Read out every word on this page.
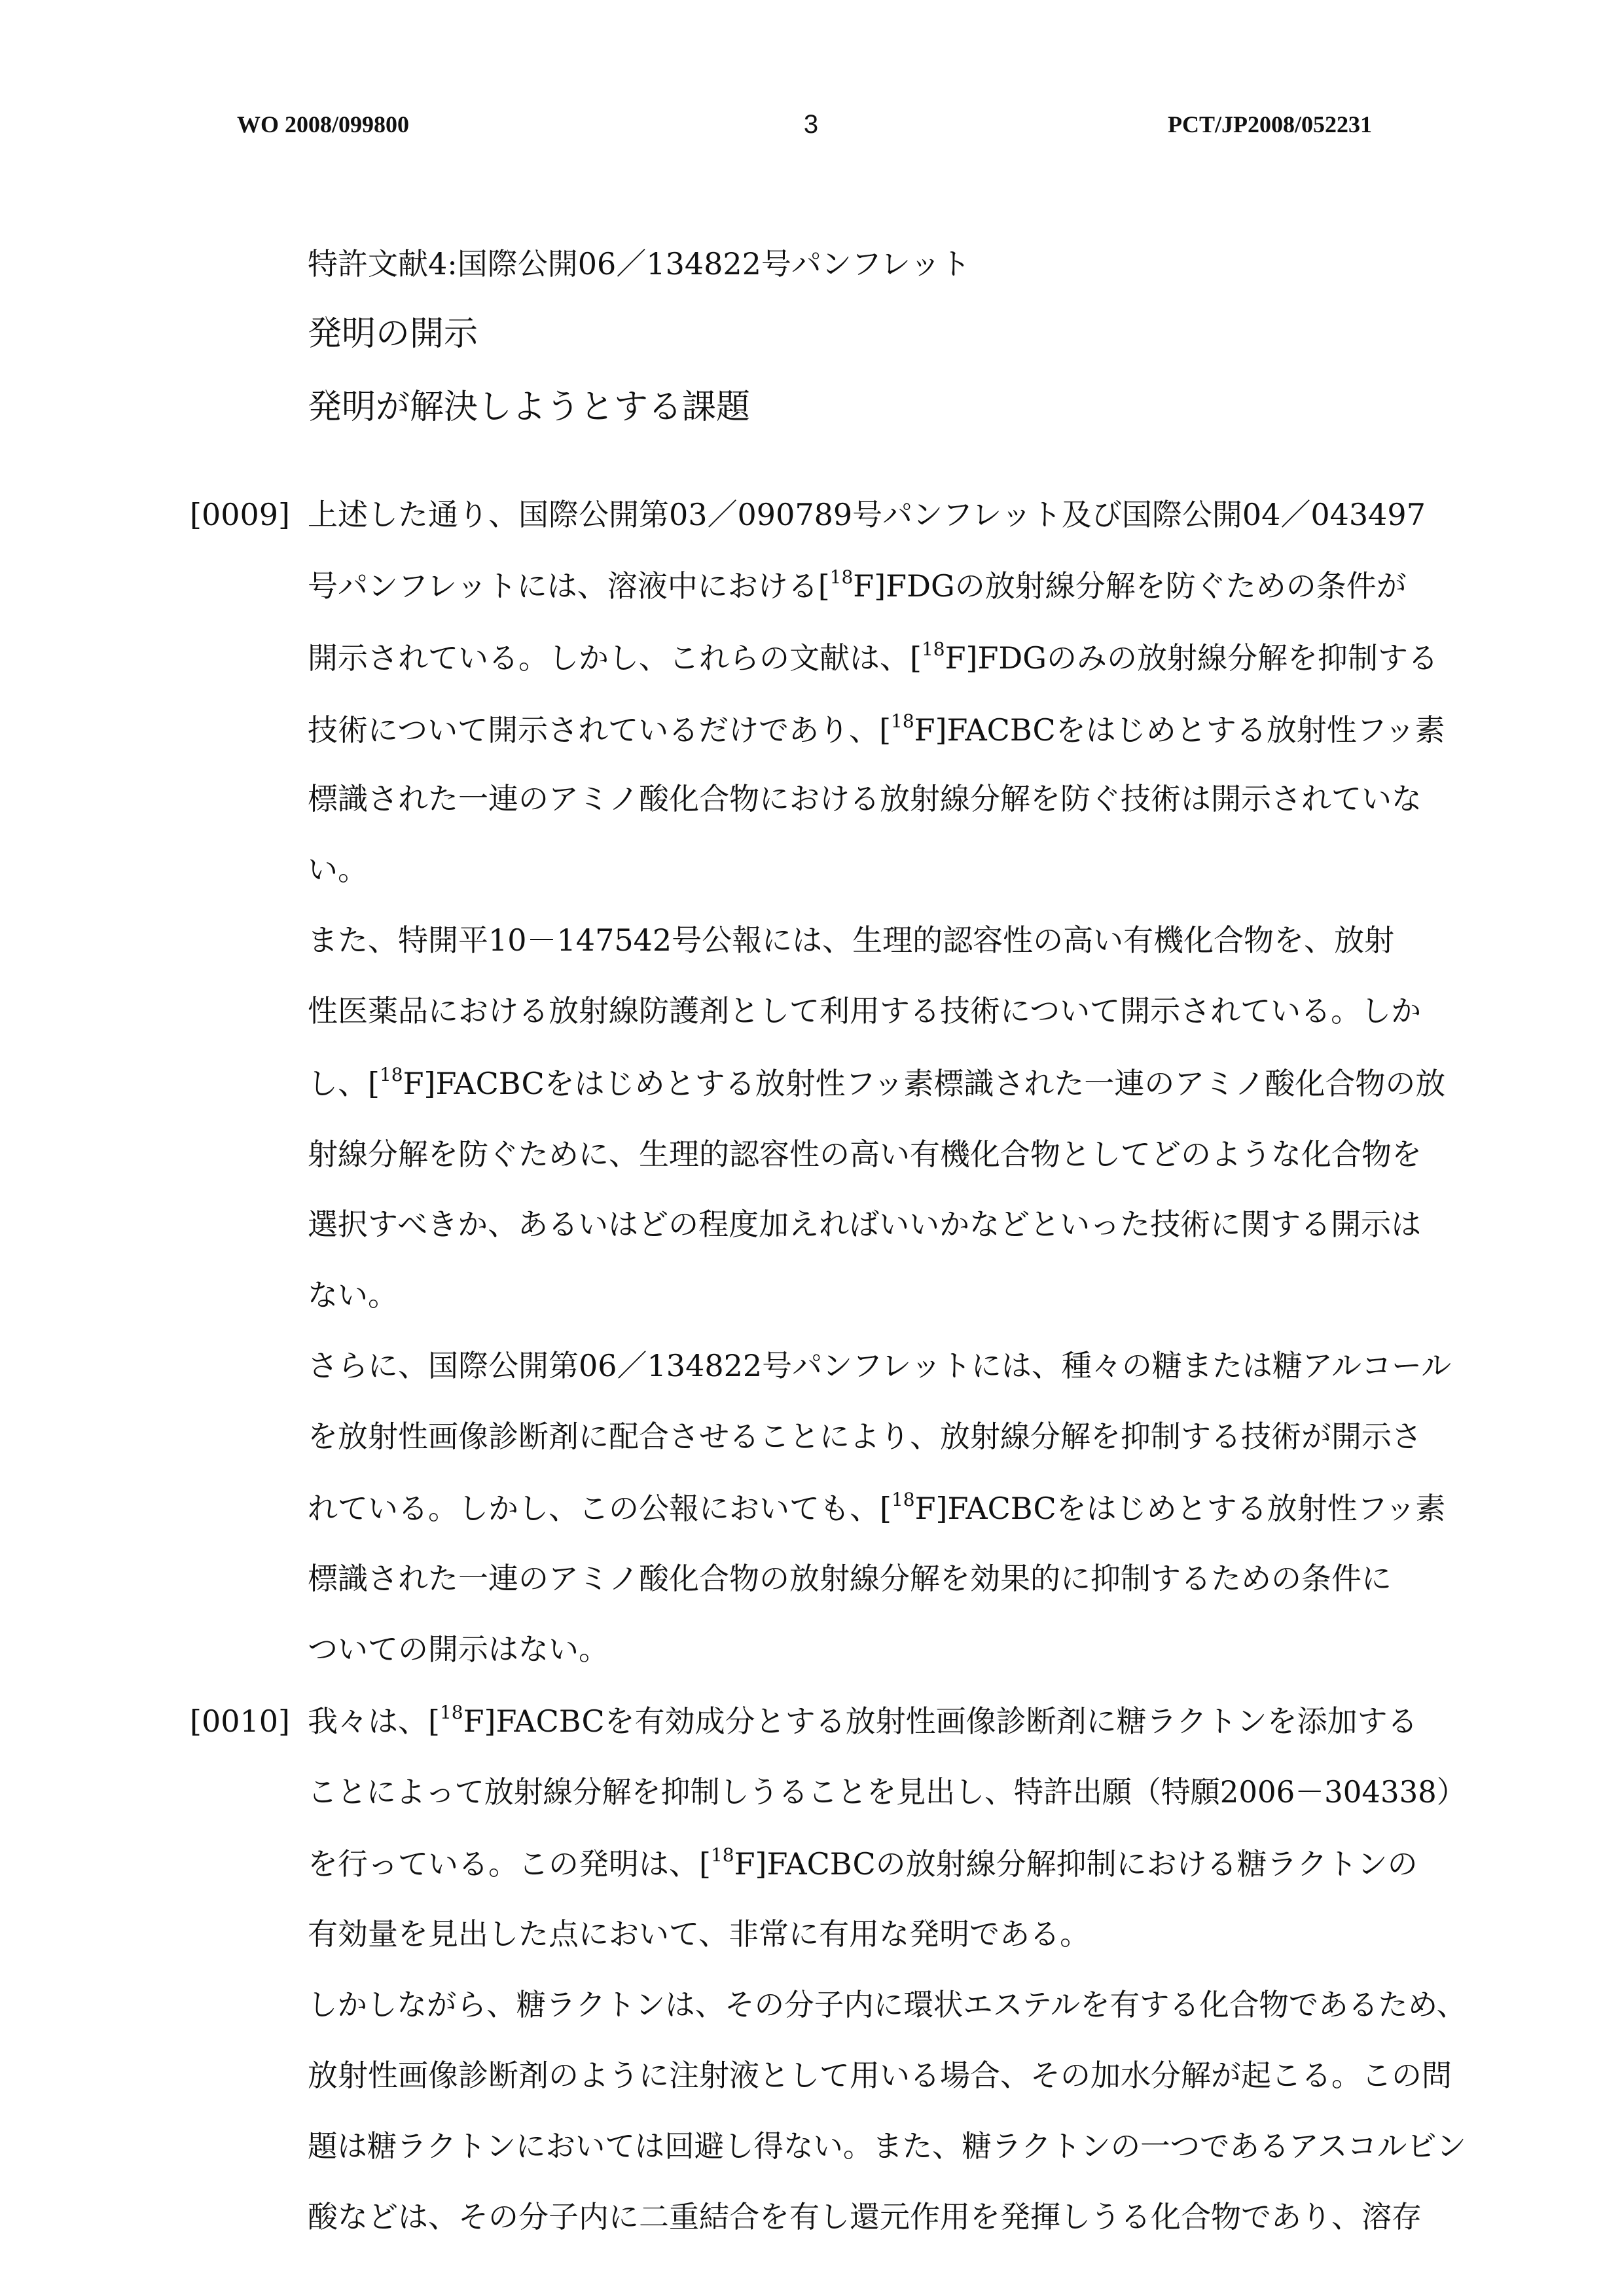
WO 2008/099800	3	PCT/JP2008/052231
特許文献4:国際公開06／134822号パンフレット
発明の開示
発明が解決しようとする課題
[0009] 上述した通り、国際公開第03／090789号パンフレット及び国際公開04／043497
号パンフレットには、溶液中における[$^{18}$F]FDGの放射線分解を防ぐための条件が
開示されている。しかし、これらの文献は、[$^{18}$F]FDGのみの放射線分解を抑制する
技術について開示されているだけであり、[$^{18}$F]FACBCをはじめとする放射性フッ素
標識された一連のアミノ酸化合物における放射線分解を防ぐ技術は開示されていな
い。
また、特開平10－147542号公報には、生理的認容性の高い有機化合物を、放射
性医薬品における放射線防護剤として利用する技術について開示されている。しか
し、[$^{18}$F]FACBCをはじめとする放射性フッ素標識された一連のアミノ酸化合物の放
射線分解を防ぐために、生理的認容性の高い有機化合物としてどのような化合物を
選択すべきか、あるいはどの程度加えればいいかなどといった技術に関する開示は
ない。
さらに、国際公開第06／134822号パンフレットには、種々の糖または糖アルコール
を放射性画像診断剤に配合させることにより、放射線分解を抑制する技術が開示さ
れている。しかし、この公報においても、[$^{18}$F]FACBCをはじめとする放射性フッ素
標識された一連のアミノ酸化合物の放射線分解を効果的に抑制するための条件に
ついての開示はない。
[0010] 我々は、[$^{18}$F]FACBCを有効成分とする放射性画像診断剤に糖ラクトンを添加する
ことによって放射線分解を抑制しうることを見出し、特許出願（特願2006－304338）
を行っている。この発明は、[$^{18}$F]FACBCの放射線分解抑制における糖ラクトンの
有効量を見出した点において、非常に有用な発明である。
しかしながら、糖ラクトンは、その分子内に環状エステルを有する化合物であるため、
放射性画像診断剤のように注射液として用いる場合、その加水分解が起こる。この問
題は糖ラクトンにおいては回避し得ない。また、糖ラクトンの一つであるアスコルビン
酸などは、その分子内に二重結合を有し還元作用を発揮しうる化合物であり、溶存
